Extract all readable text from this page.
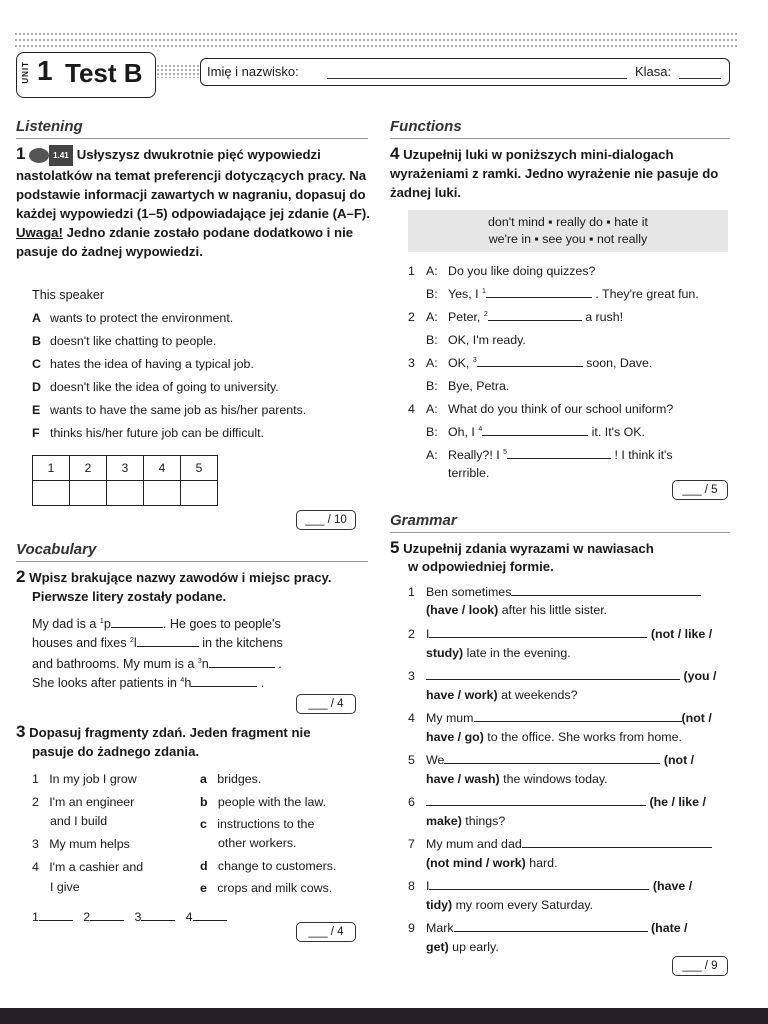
UNIT 1 Test B	Imię i nazwisko:	Klasa:
Listening
1	1.41 Usłyszysz dwukrotnie pięć wypowiedzi nastolatków na temat preferencji dotyczących pracy. Na podstawie informacji zawartych w nagraniu, dopasuj do każdej wypowiedzi (1–5) odpowiadające jej zdanie (A–F). Uwaga! Jedno zdanie zostało podane dodatkowo i nie pasuje do żadnej wypowiedzi.
This speaker
A wants to protect the environment.
B doesn't like chatting to people.
C hates the idea of having a typical job.
D doesn't like the idea of going to university.
E wants to have the same job as his/her parents.
F thinks his/her future job can be difficult.
1	2	3	4	5

___ / 10
Vocabulary
2 Wpisz brakujące nazwy zawodów i miejsc pracy.
Pierwsze litery zostały podane.
My dad is a $^1$p	. He goes to people's
houses and fixes $^2$l	in the kitchens
and bathrooms. My mum is a $^3$n	.
She looks after patients in $^4$h	.
___ / 4
3 Dopasuj fragmenty zdań. Jeden fragment nie
pasuje do żadnego zdania.
1   In my job I grow	a   bridges.
2   I'm an engineer	b   people with the law.
and I build	c   instructions to the
3   My mum helps	other workers.
4   I'm a cashier and	d   change to customers.
I give	e   crops and milk cows.
1	2	3	4
___ / 4
Functions
4 Uzupełnij luki w poniższych mini-dialogach wyrażeniami z ramki. Jedno wyrażenie nie pasuje do żadnej luki.
don't mind ▪ really do ▪ hate it
we're in ▪ see you ▪ not really
1 A: Do you like doing quizzes?
B: Yes, I $^1$	. They're great fun.
2 A: Peter, $^2$	a rush!
B: OK, I'm ready.
3 A: OK, $^3$	soon, Dave.
B: Bye, Petra.
4 A: What do you think of our school uniform?
B: Oh, I $^4$	it. It's OK.
A: Really?! I $^5$	! I think it's
terrible.
___ / 5
Grammar
5 Uzupełnij zdania wyrazami w nawiasach
w odpowiedniej formie.
1 Ben sometimes
(have / look) after his little sister.
2 I	(not / like /
study) late in the evening.
3	(you /
have / work) at weekends?
4 My mum	(not /
have / go) to the office. She works from home.
5 We	(not /
have / wash) the windows today.
6	(he / like /
make) things?
7 My mum and dad
(not mind / work) hard.
8 I	(have /
tidy) my room every Saturday.
9 Mark	(hate /
get) up early.
___ / 9
